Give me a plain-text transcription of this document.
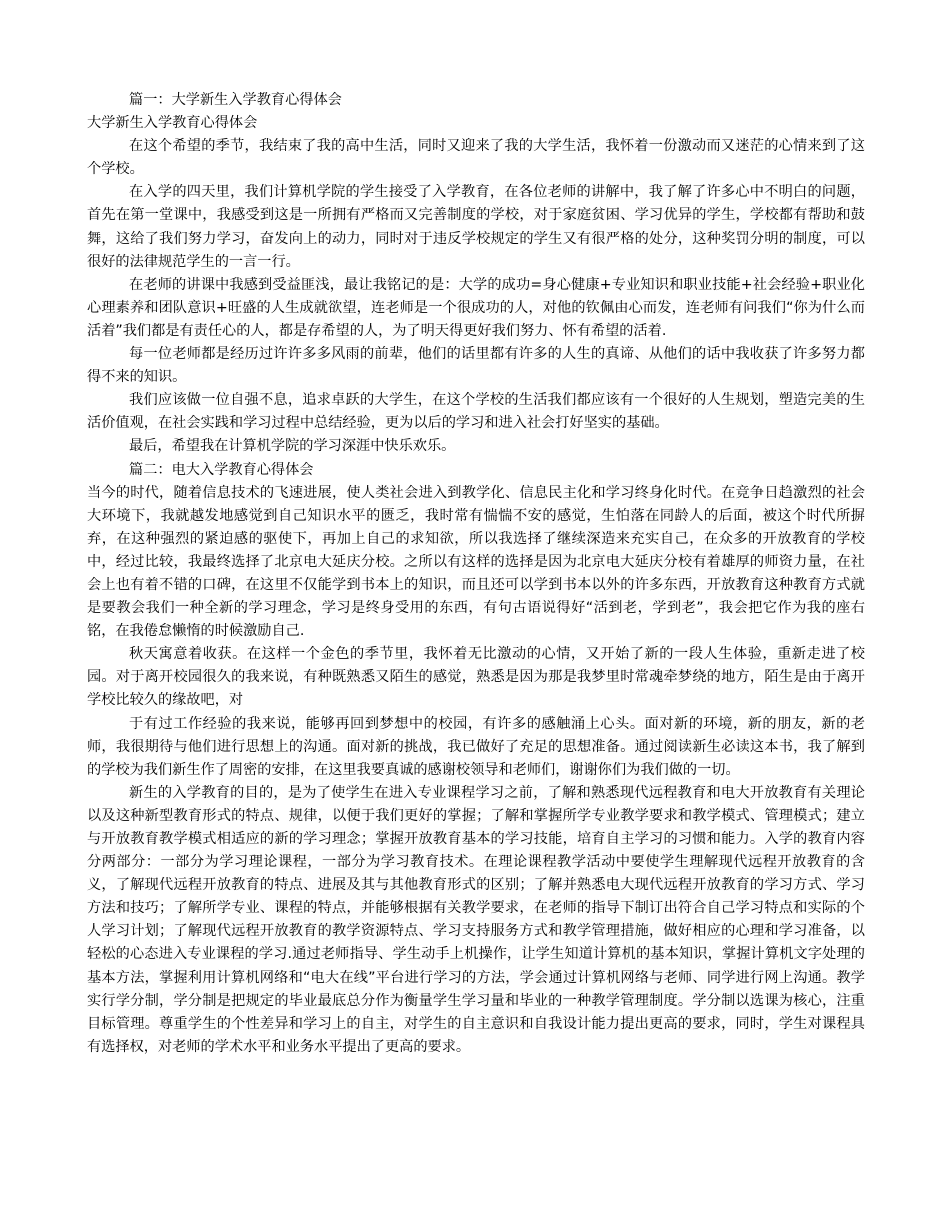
篇一：大学新生入学教育心得体会

大学新生入学教育心得体会

在这个希望的季节，我结束了我的高中生活，同时又迎来了我的大学生活，我怀着一份激动而又迷茫的心情来到了这个学校。

在入学的四天里，我们计算机学院的学生接受了入学教育，在各位老师的讲解中，我了解了许多心中不明白的问题，首先在第一堂课中，我感受到这是一所拥有严格而又完善制度的学校，对于家庭贫困、学习优异的学生，学校都有帮助和鼓舞，这给了我们努力学习，奋发向上的动力，同时对于违反学校规定的学生又有很严格的处分，这种奖罚分明的制度，可以很好的法律规范学生的一言一行。

在老师的讲课中我感到受益匪浅，最让我铭记的是：大学的成功=身心健康+专业知识和职业技能+社会经验+职业化心理素养和团队意识+旺盛的人生成就欲望，连老师是一个很成功的人，对他的钦佩由心而发，连老师有问我们“你为什么而活着”我们都是有责任心的人，都是存希望的人，为了明天得更好我们努力、怀有希望的活着.

每一位老师都是经历过许许多多风雨的前辈，他们的话里都有许多的人生的真谛、从他们的话中我收获了许多努力都得不来的知识。

我们应该做一位自强不息，追求卓跃的大学生，在这个学校的生活我们都应该有一个很好的人生规划，塑造完美的生活价值观，在社会实践和学习过程中总结经验，更为以后的学习和进入社会打好坚实的基础。

最后，希望我在计算机学院的学习深涯中快乐欢乐。

篇二：电大入学教育心得体会

当今的时代，随着信息技术的飞速进展，使人类社会进入到教学化、信息民主化和学习终身化时代。在竞争日趋激烈的社会大环境下，我就越发地感觉到自己知识水平的匮乏，我时常有惴惴不安的感觉，生怕落在同龄人的后面，被这个时代所摒弃，在这种强烈的紧迫感的驱使下，再加上自己的求知欲，所以我选择了继续深造来充实自己，在众多的开放教育的学校中，经过比较，我最终选择了北京电大延庆分校。之所以有这样的选择是因为北京电大延庆分校有着雄厚的师资力量，在社会上也有着不错的口碑，在这里不仅能学到书本上的知识，而且还可以学到书本以外的许多东西，开放教育这种教育方式就是要教会我们一种全新的学习理念，学习是终身受用的东西，有句古语说得好“活到老，学到老”，我会把它作为我的座右铭，在我倦怠懒惰的时候激励自己.

秋天寓意着收获。在这样一个金色的季节里，我怀着无比激动的心情，又开始了新的一段人生体验，重新走进了校园。对于离开校园很久的我来说，有种既熟悉又陌生的感觉，熟悉是因为那是我梦里时常魂牵梦绕的地方，陌生是由于离开学校比较久的缘故吧，对

于有过工作经验的我来说，能够再回到梦想中的校园，有许多的感触涌上心头。面对新的环境，新的朋友，新的老师，我很期待与他们进行思想上的沟通。面对新的挑战，我已做好了充足的思想准备。通过阅读新生必读这本书，我了解到的学校为我们新生作了周密的安排，在这里我要真诚的感谢校领导和老师们，谢谢你们为我们做的一切。

新生的入学教育的目的，是为了使学生在进入专业课程学习之前，了解和熟悉现代远程教育和电大开放教育有关理论以及这种新型教育形式的特点、规律，以便于我们更好的掌握；了解和掌握所学专业教学要求和教学模式、管理模式；建立与开放教育教学模式相适应的新的学习理念；掌握开放教育基本的学习技能，培育自主学习的习惯和能力。入学的教育内容分两部分：一部分为学习理论课程，一部分为学习教育技术。在理论课程教学活动中要使学生理解现代远程开放教育的含义，了解现代远程开放教育的特点、进展及其与其他教育形式的区别；了解并熟悉电大现代远程开放教育的学习方式、学习方法和技巧；了解所学专业、课程的特点，并能够根据有关教学要求，在老师的指导下制订出符合自己学习特点和实际的个人学习计划；了解现代远程开放教育的教学资源特点、学习支持服务方式和教学管理措施，做好相应的心理和学习准备，以轻松的心态进入专业课程的学习.通过老师指导、学生动手上机操作，让学生知道计算机的基本知识，掌握计算机文字处理的基本方法，掌握利用计算机网络和“电大在线”平台进行学习的方法，学会通过计算机网络与老师、同学进行网上沟通。教学实行学分制，学分制是把规定的毕业最底总分作为衡量学生学习量和毕业的一种教学管理制度。学分制以选课为核心，注重目标管理。尊重学生的个性差异和学习上的自主，对学生的自主意识和自我设计能力提出更高的要求，同时，学生对课程具有选择权，对老师的学术水平和业务水平提出了更高的要求。
